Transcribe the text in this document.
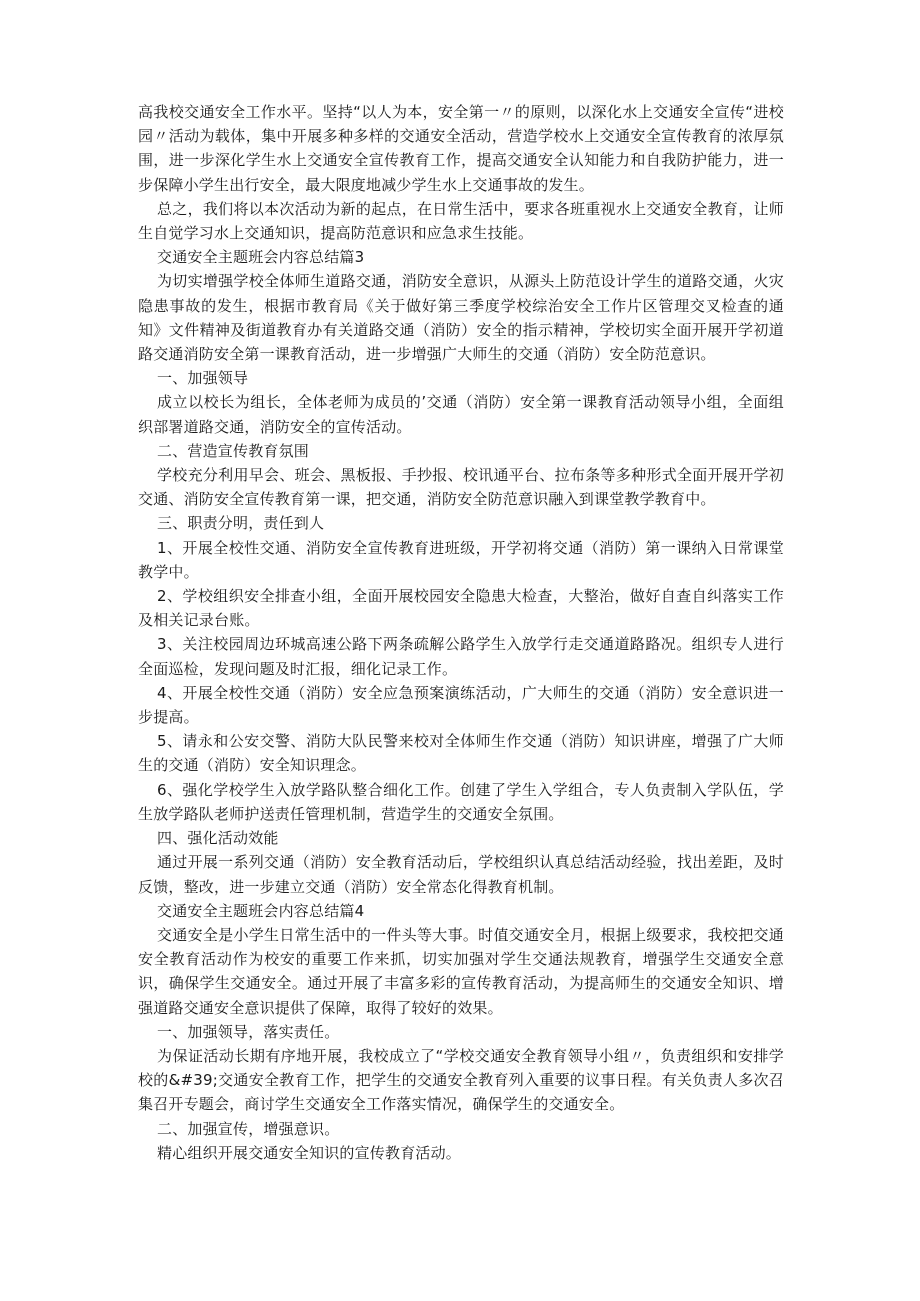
高我校交通安全工作水平。坚持“以人为本，安全第一〃的原则，以深化水上交通安全宣传“进校园〃活动为载体，集中开展多种多样的交通安全活动，营造学校水上交通安全宣传教育的浓厚氛围，进一步深化学生水上交通安全宣传教育工作，提高交通安全认知能力和自我防护能力，进一步保障小学生出行安全，最大限度地减少学生水上交通事故的发生。

总之，我们将以本次活动为新的起点，在日常生活中，要求各班重视水上交通安全教育，让师生自觉学习水上交通知识，提高防范意识和应急求生技能。

交通安全主题班会内容总结篇3

为切实增强学校全体师生道路交通，消防安全意识，从源头上防范设计学生的道路交通，火灾隐患事故的发生，根据市教育局《关于做好第三季度学校综治安全工作片区管理交叉检查的通知》文件精神及街道教育办有关道路交通（消防）安全的指示精神，学校切实全面开展开学初道路交通消防安全第一课教育活动，进一步增强广大师生的交通（消防）安全防范意识。

一、加强领导

成立以校长为组长，全体老师为成员的’交通（消防）安全第一课教育活动领导小组，全面组织部署道路交通，消防安全的宣传活动。

二、营造宣传教育氛围

学校充分利用早会、班会、黑板报、手抄报、校讯通平台、拉布条等多种形式全面开展开学初交通、消防安全宣传教育第一课，把交通，消防安全防范意识融入到课堂教学教育中。

三、职责分明，责任到人

1、开展全校性交通、消防安全宣传教育进班级，开学初将交通（消防）第一课纳入日常课堂教学中。

2、学校组织安全排查小组，全面开展校园安全隐患大检查，大整治，做好自查自纠落实工作及相关记录台账。

3、关注校园周边环城高速公路下两条疏解公路学生入放学行走交通道路路况。组织专人进行全面巡检，发现问题及时汇报，细化记录工作。

4、开展全校性交通（消防）安全应急预案演练活动，广大师生的交通（消防）安全意识进一步提高。

5、请永和公安交警、消防大队民警来校对全体师生作交通（消防）知识讲座，增强了广大师生的交通（消防）安全知识理念。

6、强化学校学生入放学路队整合细化工作。创建了学生入学组合，专人负责制入学队伍，学生放学路队老师护送责任管理机制，营造学生的交通安全氛围。

四、强化活动效能

通过开展一系列交通（消防）安全教育活动后，学校组织认真总结活动经验，找出差距，及时反馈，整改，进一步建立交通（消防）安全常态化得教育机制。

交通安全主题班会内容总结篇4

交通安全是小学生日常生活中的一件头等大事。时值交通安全月，根据上级要求，我校把交通安全教育活动作为校安的重要工作来抓，切实加强对学生交通法规教育，增强学生交通安全意识，确保学生交通安全。通过开展了丰富多彩的宣传教育活动，为提高师生的交通安全知识、增强道路交通安全意识提供了保障，取得了较好的效果。

一、加强领导，落实责任。

为保证活动长期有序地开展，我校成立了“学校交通安全教育领导小组〃，负责组织和安排学校的&#39;交通安全教育工作，把学生的交通安全教育列入重要的议事日程。有关负责人多次召集召开专题会，商讨学生交通安全工作落实情况，确保学生的交通安全。

二、加强宣传，增强意识。

精心组织开展交通安全知识的宣传教育活动。
